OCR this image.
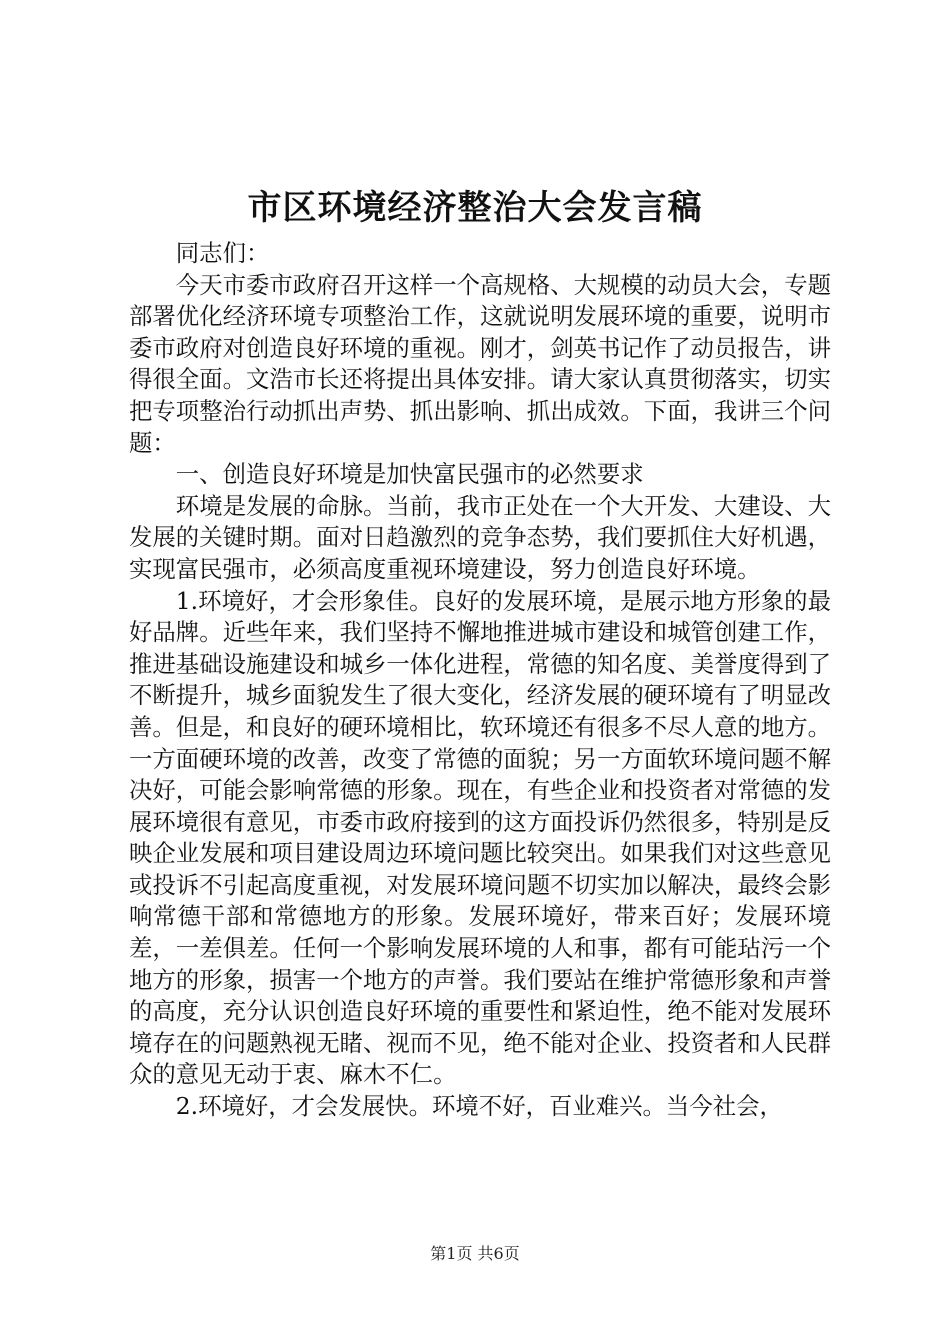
市区环境经济整治大会发言稿

同志们：

今天市委市政府召开这样一个高规格、大规模的动员大会，专题部署优化经济环境专项整治工作，这就说明发展环境的重要，说明市委市政府对创造良好环境的重视。刚才，剑英书记作了动员报告，讲得很全面。文浩市长还将提出具体安排。请大家认真贯彻落实，切实把专项整治行动抓出声势、抓出影响、抓出成效。下面，我讲三个问题：

一、创造良好环境是加快富民强市的必然要求

环境是发展的命脉。当前，我市正处在一个大开发、大建设、大发展的关键时期。面对日趋激烈的竞争态势，我们要抓住大好机遇，实现富民强市，必须高度重视环境建设，努力创造良好环境。

1.环境好，才会形象佳。良好的发展环境，是展示地方形象的最好品牌。近些年来，我们坚持不懈地推进城市建设和城管创建工作，推进基础设施建设和城乡一体化进程，常德的知名度、美誉度得到了不断提升，城乡面貌发生了很大变化，经济发展的硬环境有了明显改善。但是，和良好的硬环境相比，软环境还有很多不尽人意的地方。一方面硬环境的改善，改变了常德的面貌；另一方面软环境问题不解决好，可能会影响常德的形象。现在，有些企业和投资者对常德的发展环境很有意见，市委市政府接到的这方面投诉仍然很多，特别是反映企业发展和项目建设周边环境问题比较突出。如果我们对这些意见或投诉不引起高度重视，对发展环境问题不切实加以解决，最终会影响常德干部和常德地方的形象。发展环境好，带来百好；发展环境差，一差俱差。任何一个影响发展环境的人和事，都有可能玷污一个地方的形象，损害一个地方的声誉。我们要站在维护常德形象和声誉的高度，充分认识创造良好环境的重要性和紧迫性，绝不能对发展环境存在的问题熟视无睹、视而不见，绝不能对企业、投资者和人民群众的意见无动于衷、麻木不仁。

2.环境好，才会发展快。环境不好，百业难兴。当今社会，

第1页 共6页
